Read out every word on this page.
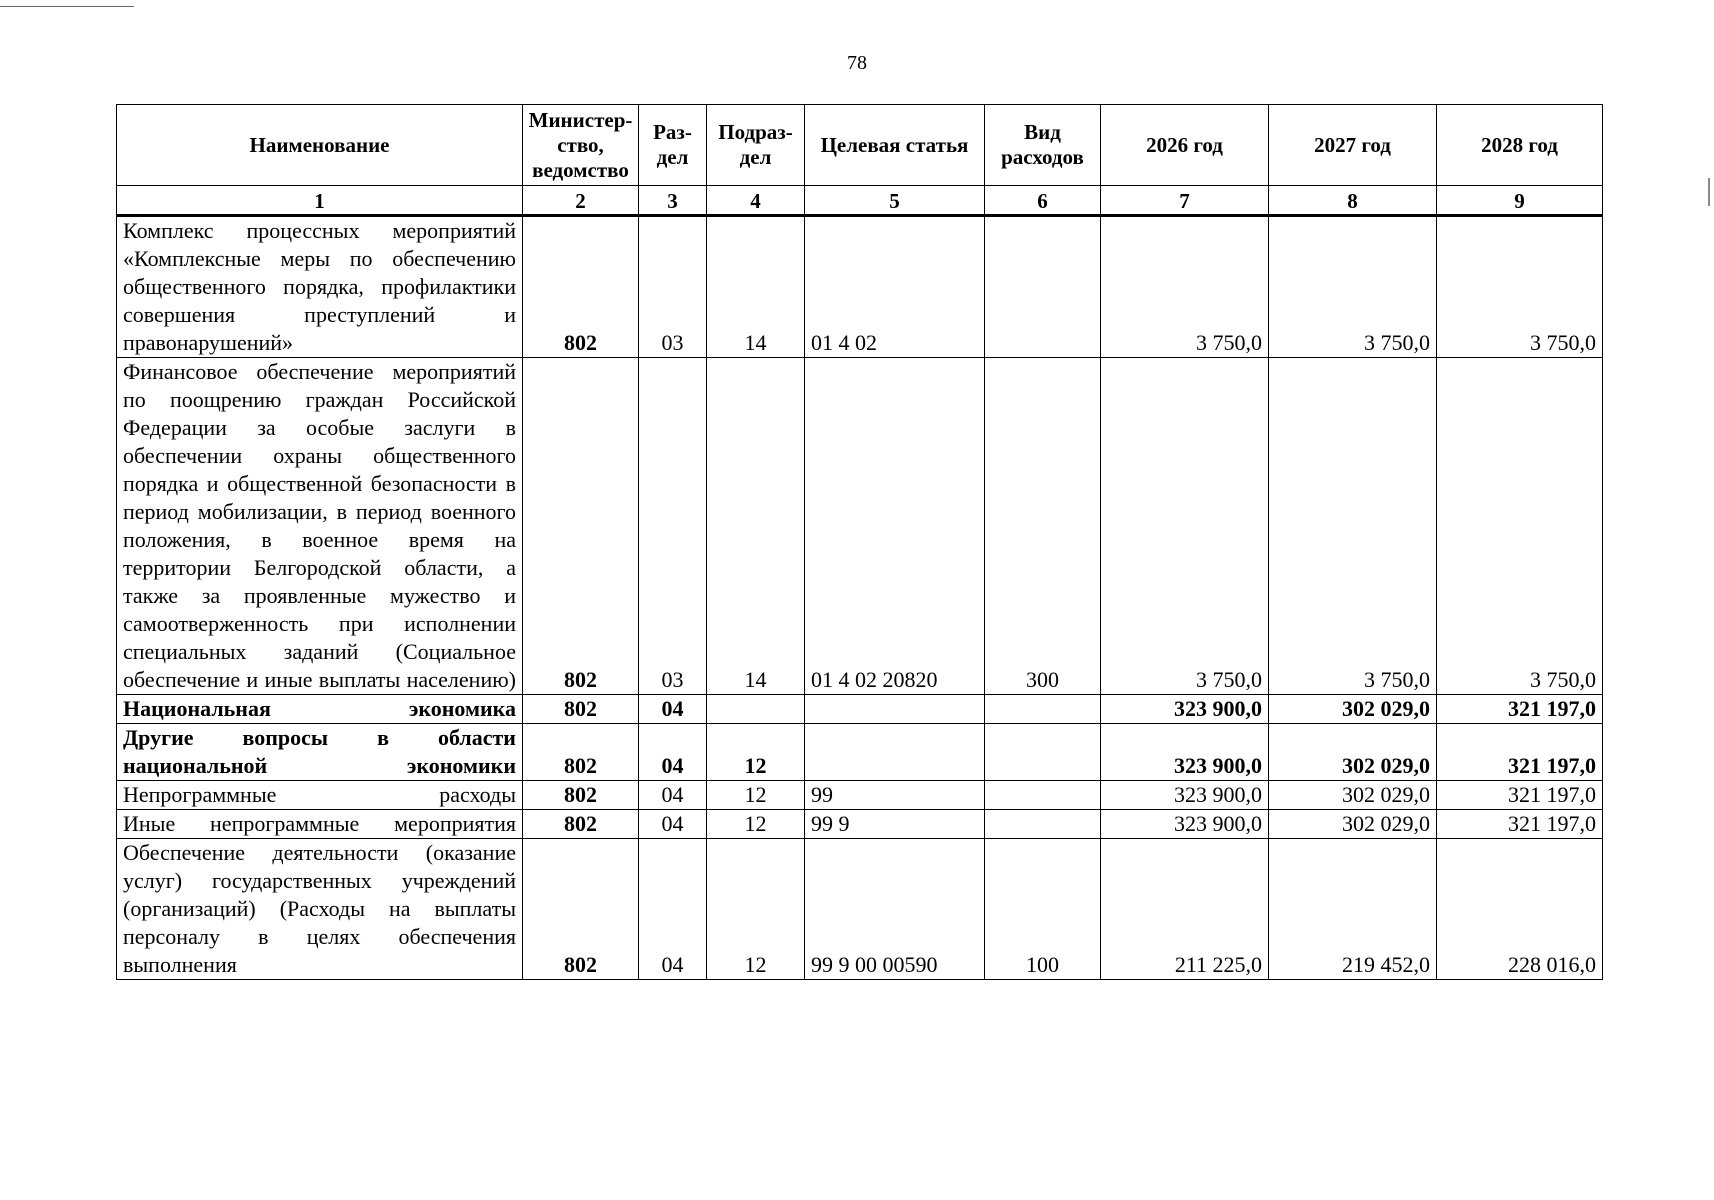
78
Наименование	Министер-ство, ведомство	Раз-дел	Подраз-дел	Целевая статья	Вид расходов	2026 год	2027 год	2028 год
1	2	3	4	5	6	7	8	9
Комплекс процессных мероприятий «Комплексные меры по обеспечению общественного порядка, профилактики совершения преступлений и правонарушений»	802	03	14	01 4 02		3 750,0	3 750,0	3 750,0
Финансовое обеспечение мероприятий по поощрению граждан Российской Федерации за особые заслуги в обеспечении охраны общественного порядка и общественной безопасности в период мобилизации, в период военного положения, в военное время на территории Белгородской области, а также за проявленные мужество и самоотверженность при исполнении специальных заданий (Социальное обеспечение и иные выплаты населению)	802	03	14	01 4 02 20820	300	3 750,0	3 750,0	3 750,0
Национальная экономика	802	04				323 900,0	302 029,0	321 197,0
Другие вопросы в области национальной экономики	802	04	12			323 900,0	302 029,0	321 197,0
Непрограммные расходы	802	04	12	99		323 900,0	302 029,0	321 197,0
Иные непрограммные мероприятия	802	04	12	99 9		323 900,0	302 029,0	321 197,0
Обеспечение деятельности (оказание услуг) государственных учреждений (организаций) (Расходы на выплаты персоналу в целях обеспечения выполнения	802	04	12	99 9 00 00590	100	211 225,0	219 452,0	228 016,0
